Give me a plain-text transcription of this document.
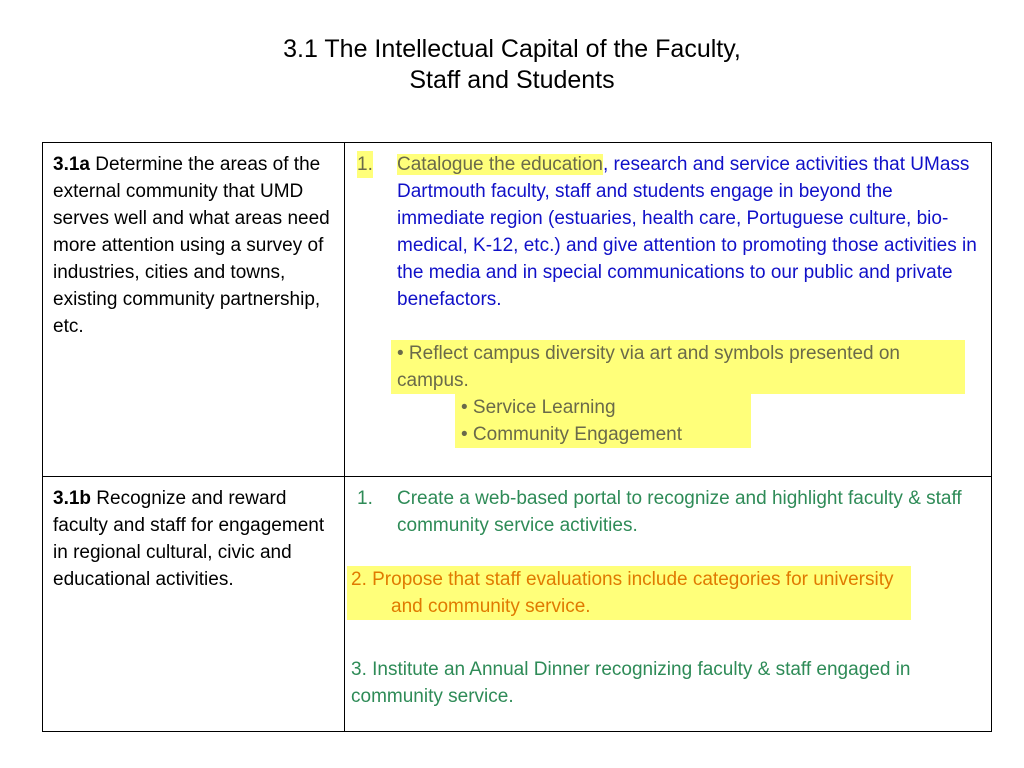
3.1 The Intellectual Capital of the Faculty,
Staff and Students
3.1a Determine the areas of the external community that UMD serves well and what areas need more attention using a survey of industries, cities and towns, existing community partnership, etc.	1. Catalogue the education, research and service activities that UMass Dartmouth faculty, staff and students engage in beyond the immediate region (estuaries, health care, Portuguese culture, bio-medical, K-12, etc.) and give attention to promoting those activities in the media and in special communications to our public and private benefactors.
• Reflect campus diversity via art and symbols presented on campus.
• Service Learning
• Community Engagement

3.1b Recognize and reward faculty and staff for engagement in regional cultural, civic and educational activities.	1. Create a web-based portal to recognize and highlight faculty & staff community service activities.
2. Propose that staff evaluations include categories for university and community service.
3. Institute an Annual Dinner recognizing faculty & staff engaged in community service.
